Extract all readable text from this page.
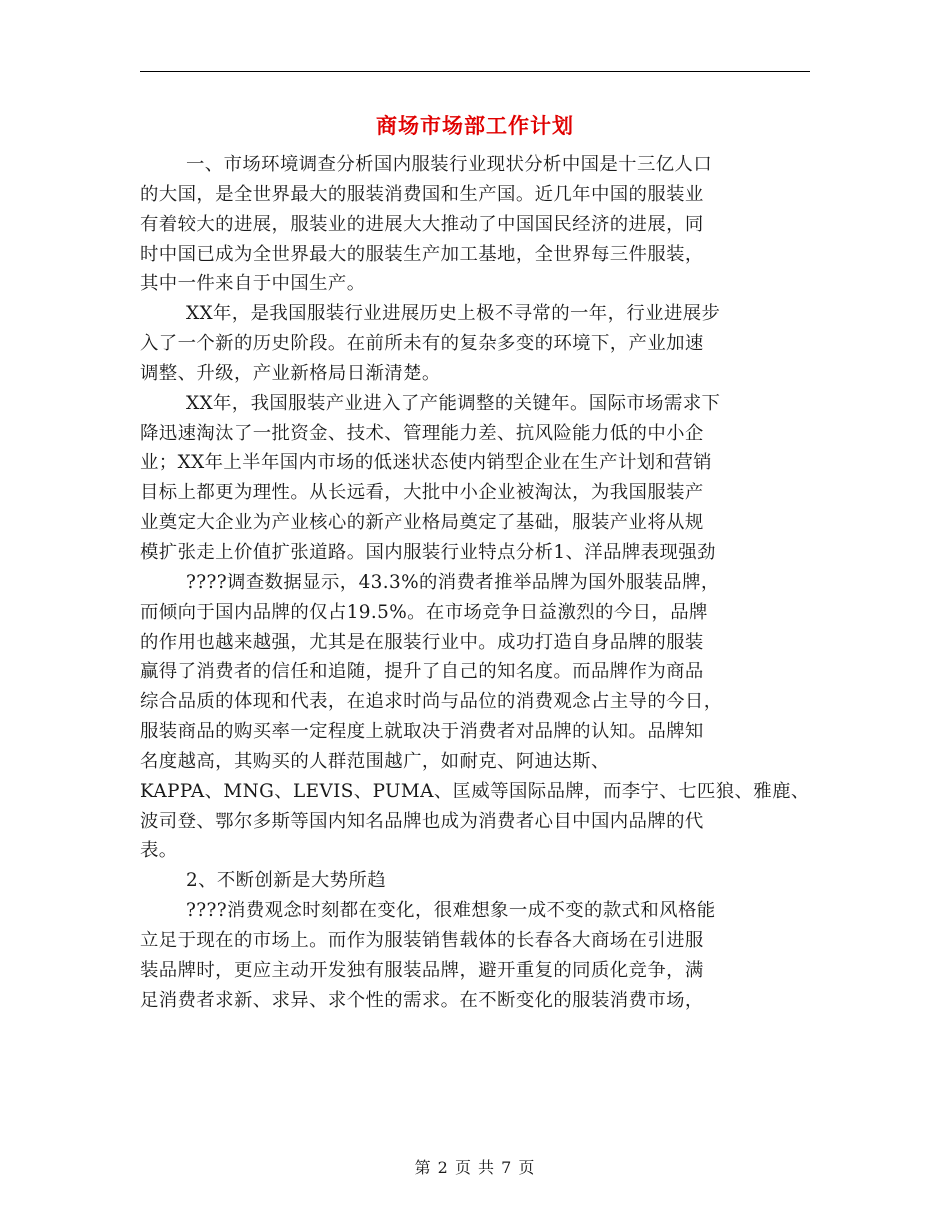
商场市场部工作计划
一、市场环境调查分析国内服装行业现状分析中国是十三亿人口
的大国，是全世界最大的服装消费国和生产国。近几年中国的服装业
有着较大的进展，服装业的进展大大推动了中国国民经济的进展，同
时中国已成为全世界最大的服装生产加工基地，全世界每三件服装，
其中一件来自于中国生产。
XX年，是我国服装行业进展历史上极不寻常的一年，行业进展步
入了一个新的历史阶段。在前所未有的复杂多变的环境下，产业加速
调整、升级，产业新格局日渐清楚。
XX年，我国服装产业进入了产能调整的关键年。国际市场需求下
降迅速淘汰了一批资金、技术、管理能力差、抗风险能力低的中小企
业；XX年上半年国内市场的低迷状态使内销型企业在生产计划和营销
目标上都更为理性。从长远看，大批中小企业被淘汰，为我国服装产
业奠定大企业为产业核心的新产业格局奠定了基础，服装产业将从规
模扩张走上价值扩张道路。国内服装行业特点分析1、洋品牌表现强劲
????调查数据显示，43.3%的消费者推举品牌为国外服装品牌，
而倾向于国内品牌的仅占19.5%。在市场竞争日益激烈的今日，品牌
的作用也越来越强，尤其是在服装行业中。成功打造自身品牌的服装
赢得了消费者的信任和追随，提升了自己的知名度。而品牌作为商品
综合品质的体现和代表，在追求时尚与品位的消费观念占主导的今日，
服装商品的购买率一定程度上就取决于消费者对品牌的认知。品牌知
名度越高，其购买的人群范围越广，如耐克、阿迪达斯、
KAPPA、MNG、LEVIS、PUMA、匡威等国际品牌，而李宁、七匹狼、雅鹿、
波司登、鄂尔多斯等国内知名品牌也成为消费者心目中国内品牌的代
表。
2、不断创新是大势所趋
????消费观念时刻都在变化，很难想象一成不变的款式和风格能
立足于现在的市场上。而作为服装销售载体的长春各大商场在引进服
装品牌时，更应主动开发独有服装品牌，避开重复的同质化竞争，满
足消费者求新、求异、求个性的需求。在不断变化的服装消费市场，
第 2 页 共 7 页
